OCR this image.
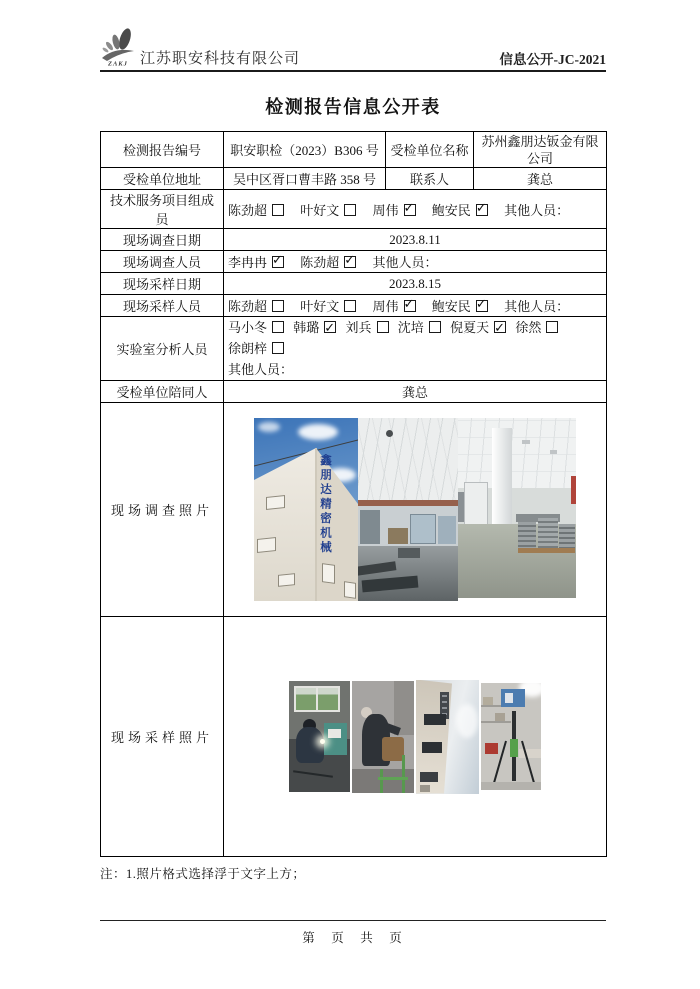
ZAKJ 江苏职安科技有限公司	信息公开-JC-2021
检测报告信息公开表
检测报告编号	职安职检（2023）B306 号	受检单位名称	苏州鑫朋达钣金有限公司
受检单位地址	吴中区胥口曹丰路 358 号	联系人	龚总
技术服务项目组成员	陈劲超 叶好文 周伟 ✓ 鲍安民 ✓ 其他人员：
现场调查日期	2023.8.11		
现场调查人员	李冉冉 ✓ 陈劲超 ✓ 其他人员：
现场采样日期	2023.8.15		
现场采样人员	陈劲超 叶好文 周伟 ✓ 鲍安民 ✓ 其他人员：
实验室分析人员	马小冬 韩璐 ✓ 刘兵 沈培 倪夏天✓ 徐然 徐朗梓
其他人员：

受检单位陪同人	龚总		
现场调查照片	鑫朋达精密机械		

现场采样照片			
注：1.照片格式选择浮于文字上方；
第　页　共　页
